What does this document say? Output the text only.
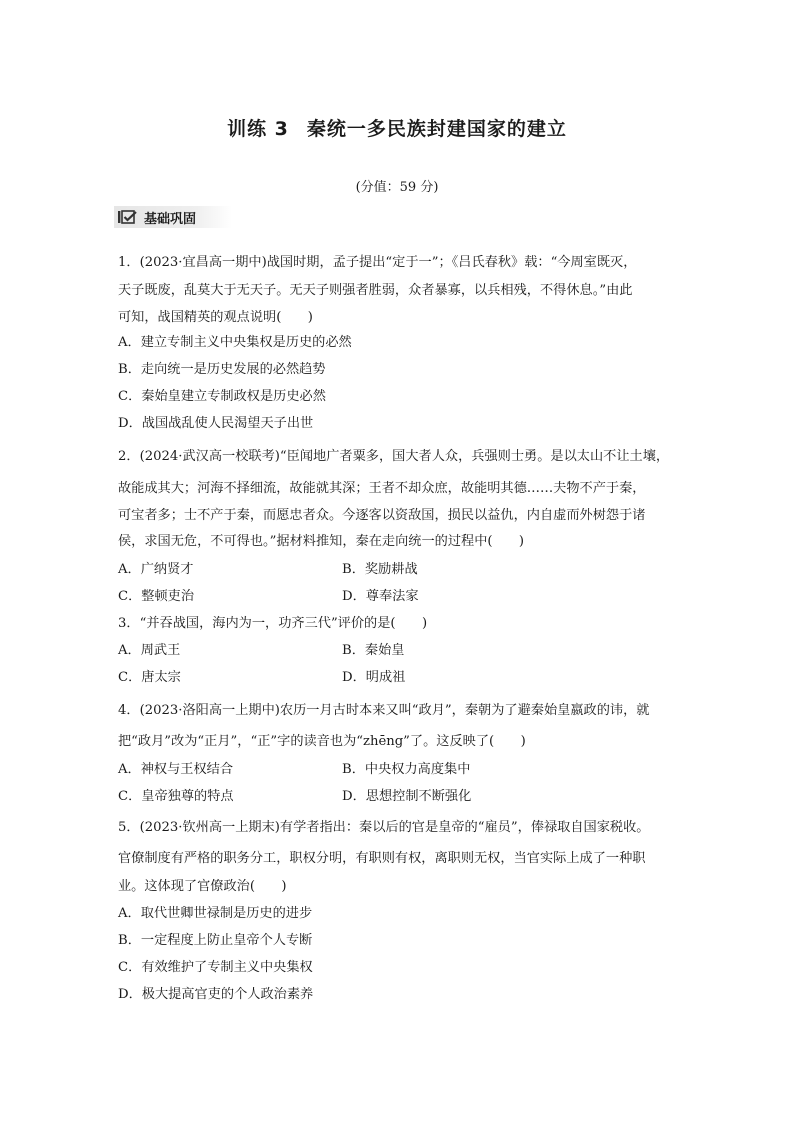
训练 3 秦统一多民族封建国家的建立
(分值：59 分)
基础巩固
1．(2023·宜昌高一期中)战国时期，孟子提出“定于一”；《吕氏春秋》载：“今周室既灭，
天子既废，乱莫大于无天子。无天子则强者胜弱，众者暴寡，以兵相残，不得休息。”由此
可知，战国精英的观点说明(　　)
A．建立专制主义中央集权是历史的必然
B．走向统一是历史发展的必然趋势
C．秦始皇建立专制政权是历史必然
D．战国战乱使人民渴望天子出世
2．(2024·武汉高一校联考)“臣闻地广者粟多，国大者人众，兵强则士勇。是以太山不让土壤，
故能成其大；河海不择细流，故能就其深；王者不却众庶，故能明其德……夫物不产于秦，
可宝者多；士不产于秦，而愿忠者众。今逐客以资敌国，损民以益仇，内自虚而外树怨于诸
侯，求国无危，不可得也。”据材料推知，秦在走向统一的过程中(　　)
A．广纳贤才	B．奖励耕战
C．整顿吏治	D．尊奉法家
3．“并吞战国，海内为一，功齐三代”评价的是(　　)
A．周武王	B．秦始皇
C．唐太宗	D．明成祖
4．(2023·洛阳高一上期中)农历一月古时本来又叫“政月”，秦朝为了避秦始皇嬴政的讳，就
把“政月”改为“正月”，“正”字的读音也为“zhēng”了。这反映了(　　)
A．神权与王权结合	B．中央权力高度集中
C．皇帝独尊的特点	D．思想控制不断强化
5．(2023·钦州高一上期末)有学者指出：秦以后的官是皇帝的“雇员”，俸禄取自国家税收。
官僚制度有严格的职务分工，职权分明，有职则有权，离职则无权，当官实际上成了一种职
业。这体现了官僚政治(　　)
A．取代世卿世禄制是历史的进步
B．一定程度上防止皇帝个人专断
C．有效维护了专制主义中央集权
D．极大提高官吏的个人政治素养
